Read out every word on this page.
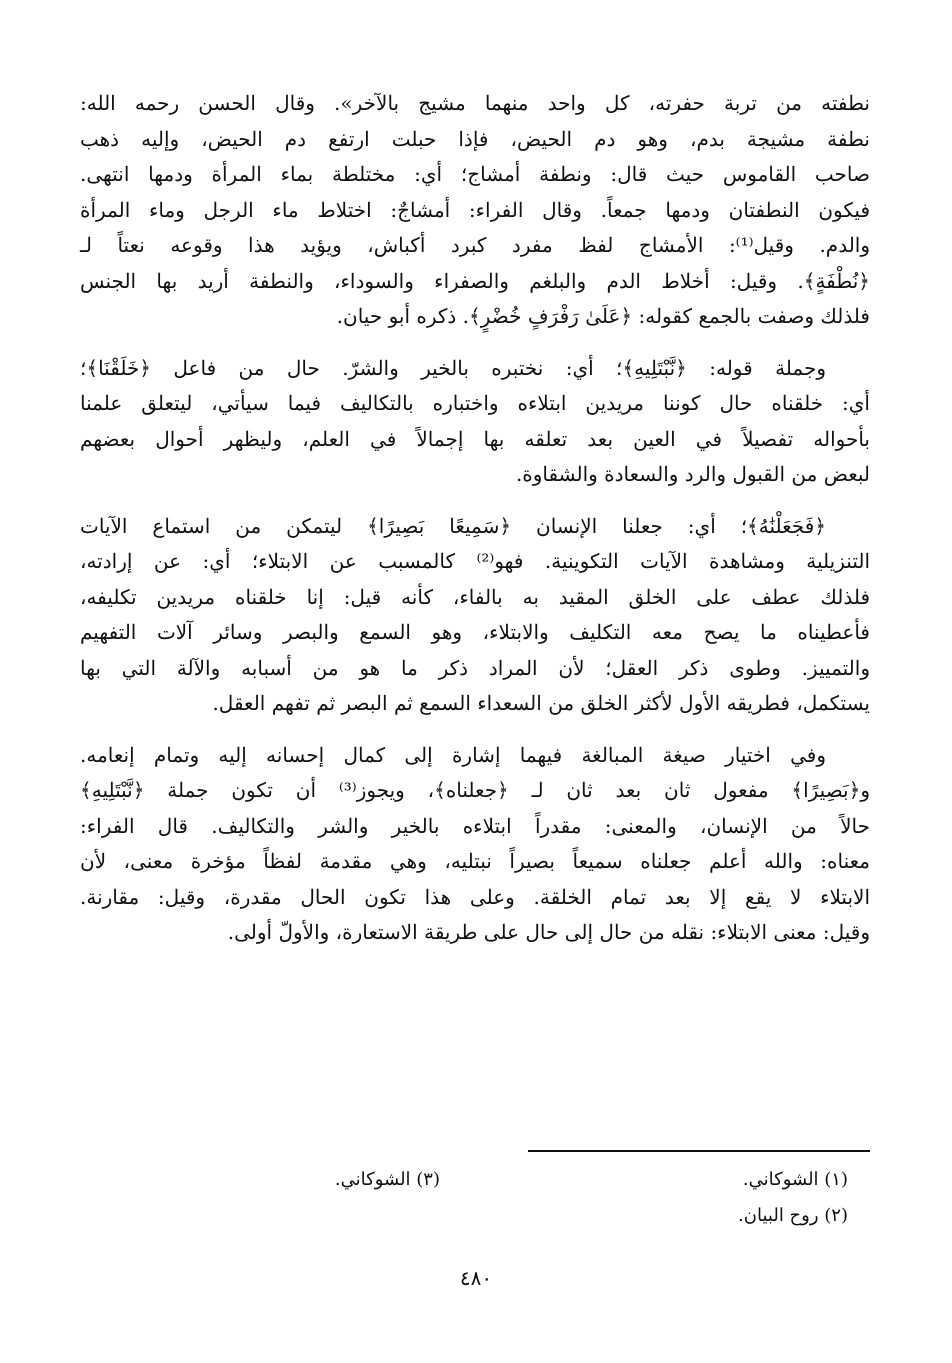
نطفته من تربة حفرته، كل واحد منهما مشيج بالآخر». وقال الحسن رحمه الله:
نطفة مشيجة بدم، وهو دم الحيض، فإذا حبلت ارتفع دم الحيض، وإليه ذهب
صاحب القاموس حيث قال: ونطفة أمشاج؛ أي: مختلطة بماء المرأة ودمها انتهى.
فيكون النطفتان ودمها جمعاً. وقال الفراء: أمشاجٌ: اختلاط ماء الرجل وماء المرأة
والدم. وقيل⁽¹⁾: الأمشاج لفظ مفرد كبرد أكباش، ويؤيد هذا وقوعه نعتاً لـ
﴿نُطْفَةٍ﴾. وقيل: أخلاط الدم والبلغم والصفراء والسوداء، والنطفة أريد بها الجنس
فلذلك وصفت بالجمع كقوله: ﴿عَلَىٰ رَفْرَفٍ خُضْرٍ﴾. ذكره أبو حيان.
وجملة قوله: ﴿نَّبْتَلِيهِ﴾؛ أي: نختبره بالخير والشرّ. حال من فاعل ﴿خَلَقْنَا﴾؛
أي: خلقناه حال كوننا مريدين ابتلاءه واختباره بالتكاليف فيما سيأتي، ليتعلق علمنا
بأحواله تفصيلاً في العين بعد تعلقه بها إجمالاً في العلم، وليظهر أحوال بعضهم
لبعض من القبول والرد والسعادة والشقاوة.
﴿فَجَعَلْنَٰهُ﴾؛ أي: جعلنا الإنسان ﴿سَمِيعًا بَصِيرًا﴾ ليتمكن من استماع الآيات
التنزيلية ومشاهدة الآيات التكوينية. فهو⁽²⁾ كالمسبب عن الابتلاء؛ أي: عن إرادته،
فلذلك عطف على الخلق المقيد به بالفاء، كأنه قيل: إنا خلقناه مريدين تكليفه،
فأعطيناه ما يصح معه التكليف والابتلاء، وهو السمع والبصر وسائر آلات التفهيم
والتمييز. وطوى ذكر العقل؛ لأن المراد ذكر ما هو من أسبابه والآلة التي بها
يستكمل، فطريقه الأول لأكثر الخلق من السعداء السمع ثم البصر ثم تفهم العقل.
وفي اختيار صيغة المبالغة فيهما إشارة إلى كمال إحسانه إليه وتمام إنعامه.
و﴿بَصِيرًا﴾ مفعول ثان بعد ثان لـ ﴿جعلناه﴾، ويجوز⁽³⁾ أن تكون جملة ﴿نَّبْتَلِيهِ﴾
حالاً من الإنسان، والمعنى: مقدراً ابتلاءه بالخير والشر والتكاليف. قال الفراء:
معناه: والله أعلم جعلناه سميعاً بصيراً نبتليه، وهي مقدمة لفظاً مؤخرة معنى، لأن
الابتلاء لا يقع إلا بعد تمام الخلقة. وعلى هذا تكون الحال مقدرة، وقيل: مقارنة.
وقيل: معنى الابتلاء: نقله من حال إلى حال على طريقة الاستعارة، والأولّ أولى.
(١) الشوكاني.
(٣) الشوكاني.
(٢) روح البيان.
٤٨٠
